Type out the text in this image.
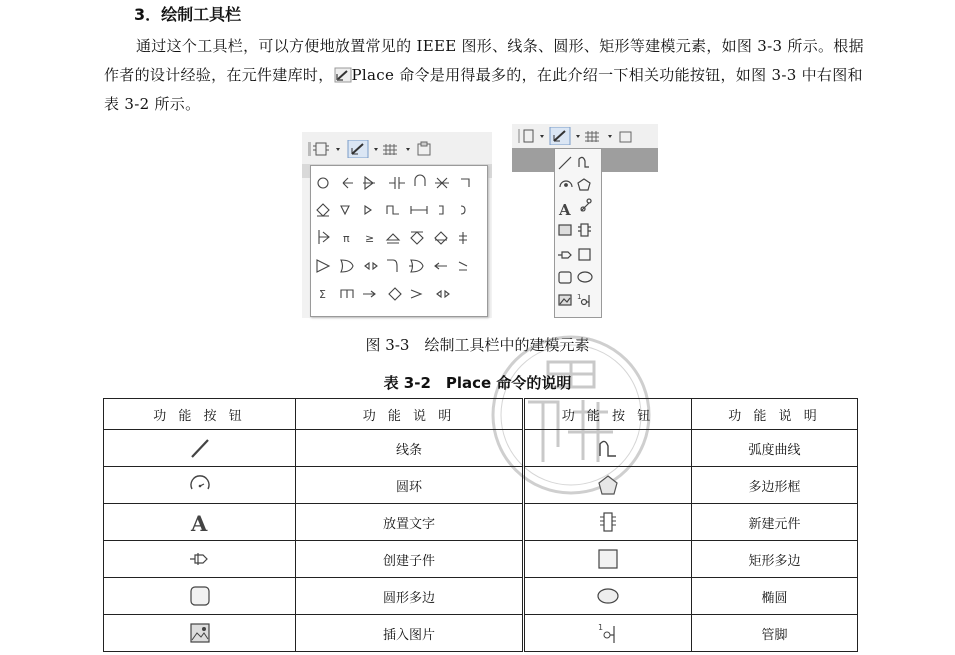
3．绘制工具栏
通过这个工具栏，可以方便地放置常见的 IEEE 图形、线条、圆形、矩形等建模元素，如图 3-3 所示。根据作者的设计经验，在元件建库时， Place 命令是用得最多的，在此介绍一下相关功能按钮，如图 3-3 中右图和表 3-2 所示。
π ≥
Σ
A
1
图 3-3　绘制工具栏中的建模元素
表 3-2　Place 命令的说明
功 能 按 钮	功 能 说 明	功 能 按 钮	功 能 说 明
	线条		弧度曲线
	圆环		多边形框

A	放置文字		新建元件
	创建子件		矩形多边
	圆形多边		椭圆
	插入图片	1	管脚
